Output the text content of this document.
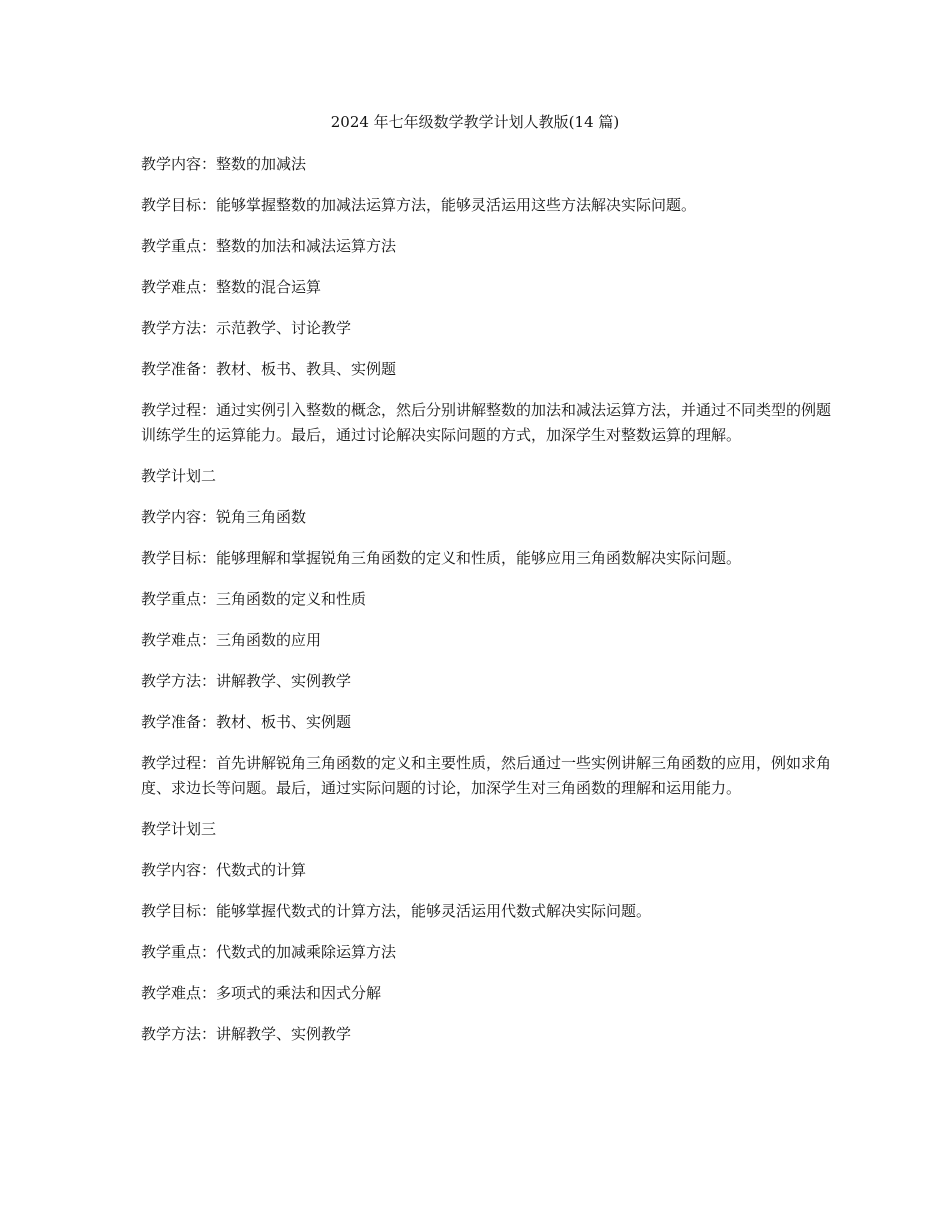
2024 年七年级数学教学计划人教版(14 篇)

教学内容：整数的加减法

教学目标：能够掌握整数的加减法运算方法，能够灵活运用这些方法解决实际问题。

教学重点：整数的加法和减法运算方法

教学难点：整数的混合运算

教学方法：示范教学、讨论教学

教学准备：教材、板书、教具、实例题

教学过程：通过实例引入整数的概念，然后分别讲解整数的加法和减法运算方法，并通过不同类型的例题训练学生的运算能力。最后，通过讨论解决实际问题的方式，加深学生对整数运算的理解。

教学计划二

教学内容：锐角三角函数

教学目标：能够理解和掌握锐角三角函数的定义和性质，能够应用三角函数解决实际问题。

教学重点：三角函数的定义和性质

教学难点：三角函数的应用

教学方法：讲解教学、实例教学

教学准备：教材、板书、实例题

教学过程：首先讲解锐角三角函数的定义和主要性质，然后通过一些实例讲解三角函数的应用，例如求角度、求边长等问题。最后，通过实际问题的讨论，加深学生对三角函数的理解和运用能力。

教学计划三

教学内容：代数式的计算

教学目标：能够掌握代数式的计算方法，能够灵活运用代数式解决实际问题。

教学重点：代数式的加减乘除运算方法

教学难点：多项式的乘法和因式分解

教学方法：讲解教学、实例教学
